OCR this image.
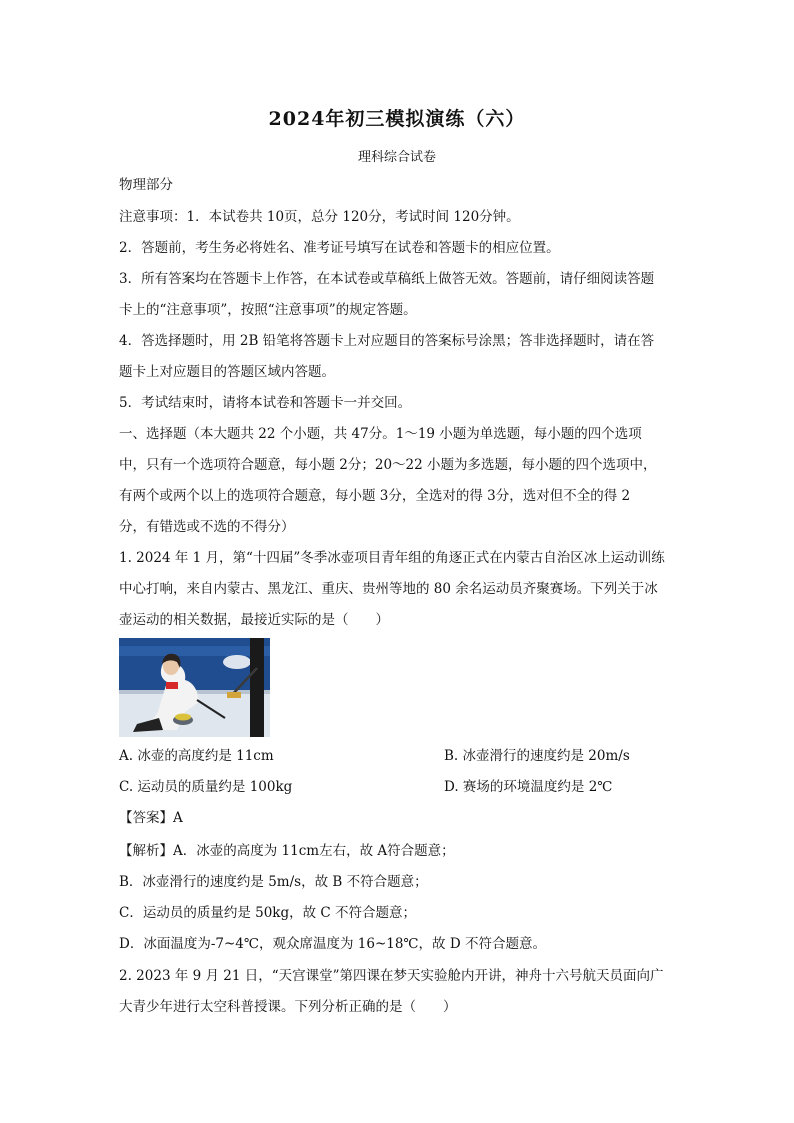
2024年初三模拟演练（六）
理科综合试卷
物理部分
注意事项：1．本试卷共 10页，总分 120分，考试时间 120分钟。
2．答题前，考生务必将姓名、准考证号填写在试卷和答题卡的相应位置。
3．所有答案均在答题卡上作答，在本试卷或草稿纸上做答无效。答题前，请仔细阅读答题
卡上的“注意事项”，按照“注意事项”的规定答题。
4．答选择题时，用 2B 铅笔将答题卡上对应题目的答案标号涂黑；答非选择题时，请在答
题卡上对应题目的答题区域内答题。
5．考试结束时，请将本试卷和答题卡一并交回。
一、选择题（本大题共 22 个小题，共 47分。1～19 小题为单选题，每小题的四个选项
中，只有一个选项符合题意，每小题 2分；20～22 小题为多选题，每小题的四个选项中，
有两个或两个以上的选项符合题意，每小题 3分，全选对的得 3分，选对但不全的得 2
分，有错选或不选的不得分）
1. 2024 年 1 月，第“十四届”冬季冰壶项目青年组的角逐正式在内蒙古自治区冰上运动训练
中心打响，来自内蒙古、黑龙江、重庆、贵州等地的 80 余名运动员齐聚赛场。下列关于冰
壶运动的相关数据，最接近实际的是（　　）
A. 冰壶的高度约是 11cm	B. 冰壶滑行的速度约是 20m/s
C. 运动员的质量约是 100kg	D. 赛场的环境温度约是 2℃
【答案】A
【解析】A．冰壶的高度为 11cm左右，故 A符合题意；
B．冰壶滑行的速度约是 5m/s，故 B 不符合题意；
C．运动员的质量约是 50kg，故 C 不符合题意；
D．冰面温度为-7~4℃，观众席温度为 16~18℃，故 D 不符合题意。
2. 2023 年 9 月 21 日，“天宫课堂”第四课在梦天实验舱内开讲，神舟十六号航天员面向广
大青少年进行太空科普授课。下列分析正确的是（　　）
